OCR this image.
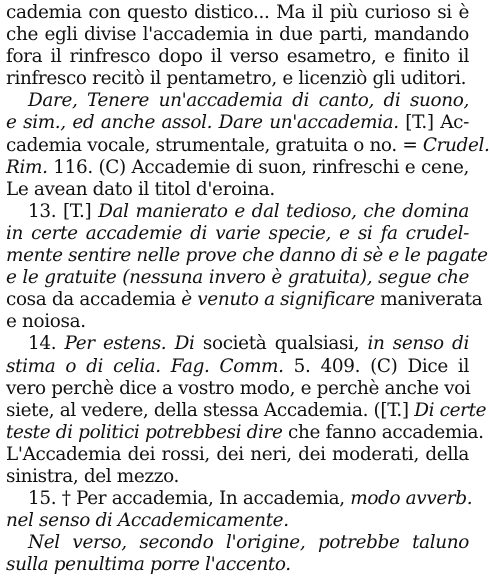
cademia con questo distico... Ma il più curioso si è
che egli divise l'accademia in due parti, mandando
fora il rinfresco dopo il verso esametro, e finito il
rinfresco recitò il pentametro, e licenziò gli uditori.
Dare, Tenere un'accademia di canto, di suono,
e sim., ed anche assol. Dare un'accademia. [T.] Ac-
cademia vocale, strumentale, gratuita o no. = Crudel.
Rim. 116. (C) Accademie di suon, rinfreschi e cene,
Le avean dato il titol d'eroina.
13. [T.] Dal manierato e dal tedioso, che domina
in certe accademie di varie specie, e si fa crudel-
mente sentire nelle prove che danno di sè e le pagate
e le gratuite (nessuna invero è gratuita), segue che
cosa da accademia è venuto a significare maniverata
e noiosa.
14. Per estens. Di società qualsiasi, in senso di
stima o di celia. Fag. Comm. 5. 409. (C) Dice il
vero perchè dice a vostro modo, e perchè anche voi
siete, al vedere, della stessa Accademia. ([T.] Di certe
teste di politici potrebbesi dire che fanno accademia.
L'Accademia dei rossi, dei neri, dei moderati, della
sinistra, del mezzo.
15. † Per accademia, In accademia, modo avverb.
nel senso di Accademicamente.
Nel verso, secondo l'origine, potrebbe taluno
sulla penultima porre l'accento.
